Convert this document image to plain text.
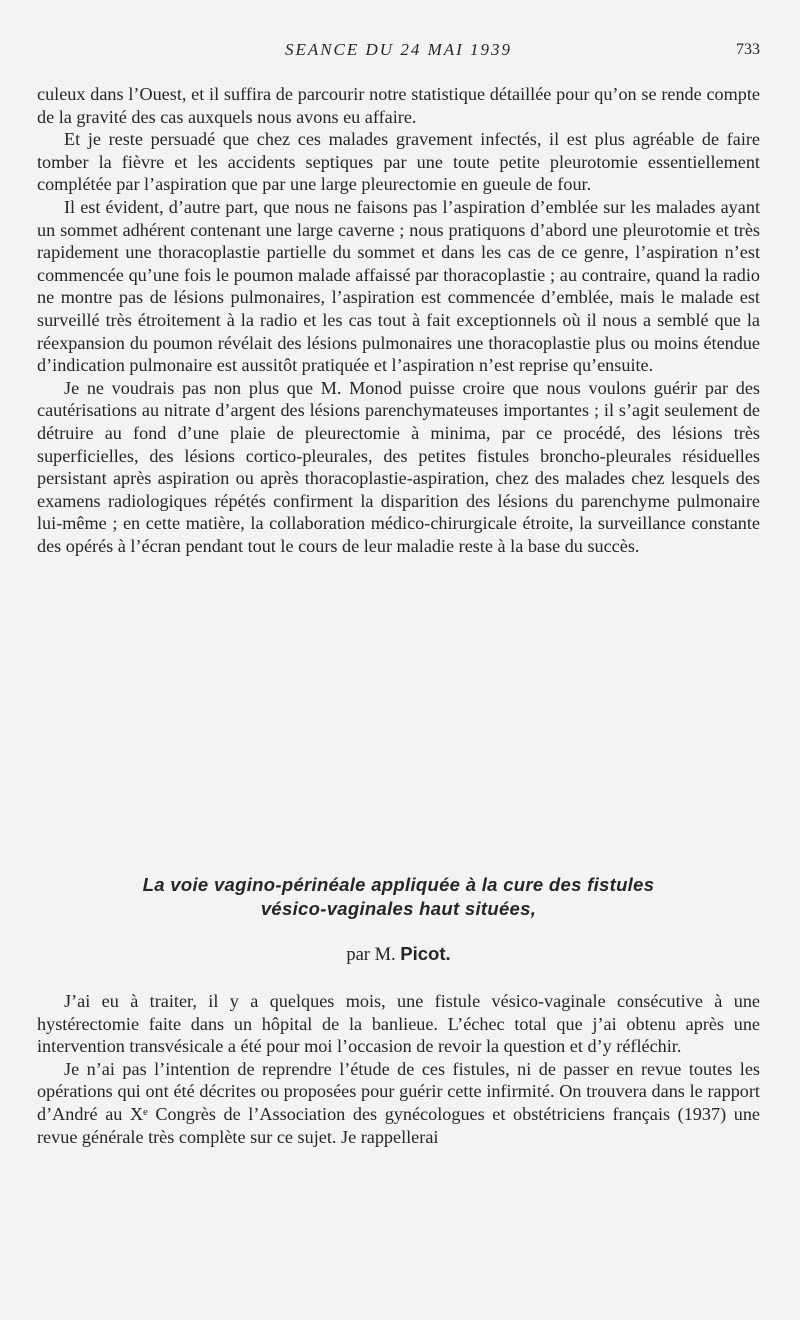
SEANCE DU 24 MAI 1939	733

culeux dans l’Ouest, et il suffira de parcourir notre statistique détaillée pour qu’on se rende compte de la gravité des cas auxquels nous avons eu affaire.

Et je reste persuadé que chez ces malades gravement infectés, il est plus agréable de faire tomber la fièvre et les accidents septiques par une toute petite pleurotomie essentiellement complétée par l’aspiration que par une large pleurectomie en gueule de four.

Il est évident, d’autre part, que nous ne faisons pas l’aspiration d’emblée sur les malades ayant un sommet adhérent contenant une large caverne ; nous pratiquons d’abord une pleurotomie et très rapidement une thoracoplastie partielle du sommet et dans les cas de ce genre, l’aspiration n’est commencée qu’une fois le poumon malade affaissé par thoracoplastie ; au contraire, quand la radio ne montre pas de lésions pulmonaires, l’aspiration est commencée d’emblée, mais le malade est surveillé très étroitement à la radio et les cas tout à fait exceptionnels où il nous a semblé que la réexpansion du poumon révélait des lésions pulmonaires une thoracoplastie plus ou moins étendue d’indication pulmonaire est aussitôt pratiquée et l’aspiration n’est reprise qu’ensuite.

Je ne voudrais pas non plus que M. Monod puisse croire que nous voulons guérir par des cautérisations au nitrate d’argent des lésions parenchymateuses importantes ; il s’agit seulement de détruire au fond d’une plaie de pleurectomie à minima, par ce procédé, des lésions très superficielles, des lésions cortico-pleurales, des petites fistules broncho-pleurales résiduelles persistant après aspiration ou après thoracoplastie-aspiration, chez des malades chez lesquels des examens radiologiques répétés confirment la disparition des lésions du parenchyme pulmonaire lui-même ; en cette matière, la collaboration médico-chirurgicale étroite, la surveillance constante des opérés à l’écran pendant tout le cours de leur maladie reste à la base du succès.

La voie vagino-périnéale appliquée à la cure des fistules
vésico-vaginales haut situées,
par M. Picot.

J’ai eu à traiter, il y a quelques mois, une fistule vésico-vaginale consécutive à une hystérectomie faite dans un hôpital de la banlieue. L’échec total que j’ai obtenu après une intervention transvésicale a été pour moi l’occasion de revoir la question et d’y réfléchir.

Je n’ai pas l’intention de reprendre l’étude de ces fistules, ni de passer en revue toutes les opérations qui ont été décrites ou proposées pour guérir cette infirmité. On trouvera dans le rapport d’André au Xᵉ Congrès de l’Association des gynécologues et obstétriciens français (1937) une revue générale très complète sur ce sujet. Je rappellerai
